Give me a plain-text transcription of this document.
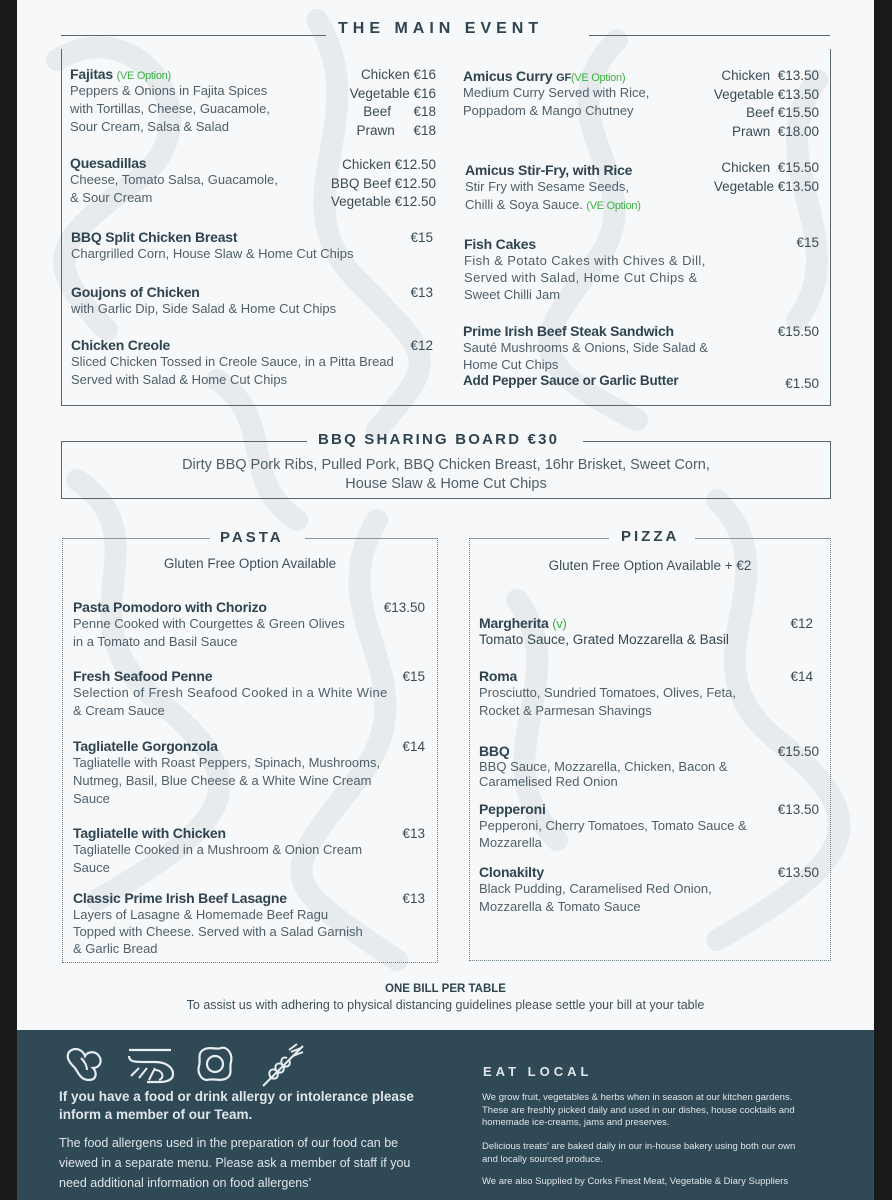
THE MAIN EVENT
Fajitas (VE Option)
Peppers & Onions in Fajita Spices
with Tortillas, Cheese, Guacamole,
Sour Cream, Salsa & Salad
Chicken €16
Vegetable €16
Beef      €18
Prawn     €18
Quesadillas
Cheese, Tomato Salsa, Guacamole,
& Sour Cream
Chicken €12.50
BBQ Beef €12.50
Vegetable €12.50
BBQ Split Chicken Breast
Chargrilled Corn, House Slaw & Home Cut Chips
€15
Goujons of Chicken
with Garlic Dip, Side Salad & Home Cut Chips
€13
Chicken Creole
Sliced Chicken Tossed in Creole Sauce, in a Pitta Bread
Served with Salad & Home Cut Chips
€12
Amicus Curry GF(VE Option)
Medium Curry Served with Rice,
Poppadom & Mango Chutney
Chicken  €13.50
Vegetable €13.50
Beef €15.50
Prawn  €18.00
Amicus Stir-Fry, with Rice
Stir Fry with Sesame Seeds,
Chilli & Soya Sauce. (VE Option)
Chicken  €15.50
Vegetable €13.50
Fish Cakes
Fish & Potato Cakes with Chives & Dill,
Served with Salad, Home Cut Chips &
Sweet Chilli Jam
€15
Prime Irish Beef Steak Sandwich
Sauté Mushrooms & Onions, Side Salad &
Home Cut Chips
Add Pepper Sauce or Garlic Butter
€15.50
€1.50
BBQ SHARING BOARD €30
Dirty BBQ Pork Ribs, Pulled Pork, BBQ Chicken Breast, 16hr Brisket, Sweet Corn,
House Slaw & Home Cut Chips
PASTA
Gluten Free Option Available
Pasta Pomodoro with Chorizo
Penne Cooked with Courgettes & Green Olives
in a Tomato and Basil Sauce
€13.50
Fresh Seafood Penne
Selection of Fresh Seafood Cooked in a White Wine
& Cream Sauce
€15
Tagliatelle Gorgonzola
Tagliatelle with Roast Peppers, Spinach, Mushrooms,
Nutmeg, Basil, Blue Cheese & a White Wine Cream
Sauce
€14
Tagliatelle with Chicken
Tagliatelle Cooked in a Mushroom & Onion Cream
Sauce
€13
Classic Prime Irish Beef Lasagne
Layers of Lasagne & Homemade Beef Ragu
Topped with Cheese. Served with a Salad Garnish
& Garlic Bread
€13
PIZZA
Gluten Free Option Available + €2
Margherita (v)
Tomato Sauce, Grated Mozzarella & Basil
€12
Roma
Prosciutto, Sundried Tomatoes, Olives, Feta,
Rocket & Parmesan Shavings
€14
BBQ
BBQ Sauce, Mozzarella, Chicken, Bacon &
Caramelised Red Onion
€15.50
Pepperoni
Pepperoni, Cherry Tomatoes, Tomato Sauce &
Mozzarella
€13.50
Clonakilty
Black Pudding, Caramelised Red Onion,
Mozzarella & Tomato Sauce
€13.50
ONE BILL PER TABLE
To assist us with adhering to physical distancing guidelines please settle your bill at your table
If you have a food or drink allergy or intolerance please
inform a member of our Team.
The food allergens used in the preparation of our food can be
viewed in a separate menu. Please ask a member of staff if you
need additional information on food allergens’
EAT LOCAL
We grow fruit, vegetables & herbs when in season at our kitchen gardens.
These are freshly picked daily and used in our dishes, house cocktails and
homemade ice-creams, jams and preserves.
Delicious treats’ are baked daily in our in-house bakery using both our own
and locally sourced produce.
We are also Supplied by Corks Finest Meat, Vegetable & Diary Suppliers
